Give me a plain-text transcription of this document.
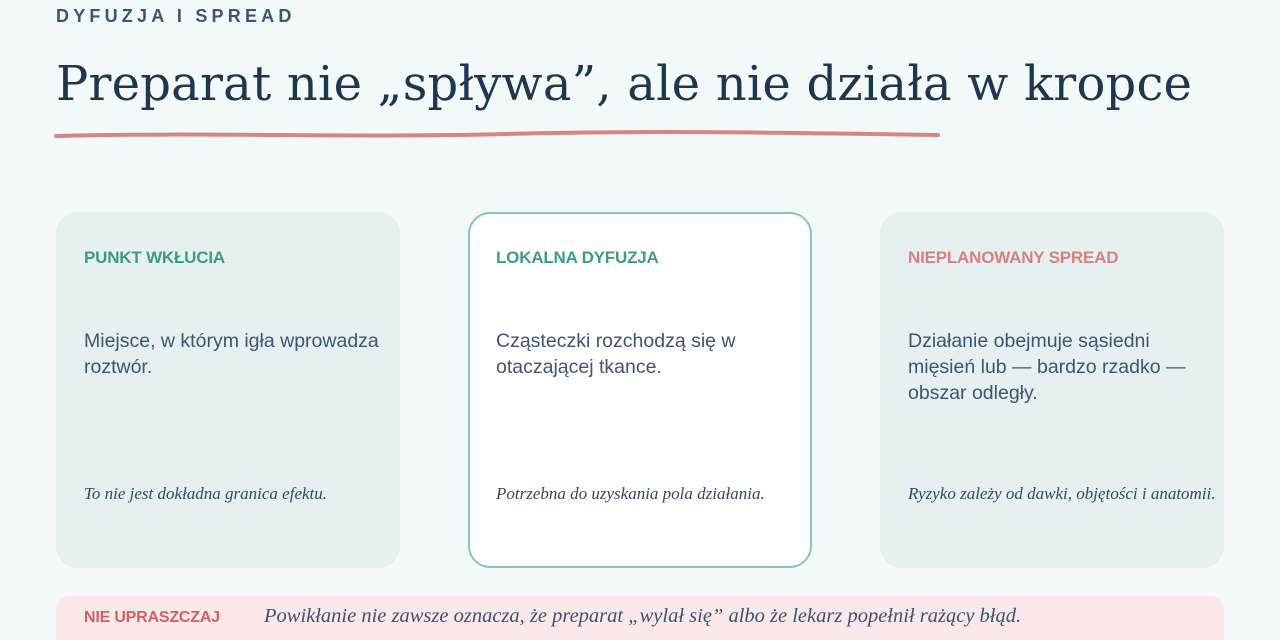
DYFUZJA I SPREAD
Preparat nie „spływa”, ale nie działa w kropce
PUNKT WKŁUCIA
Miejsce, w którym igła wprowadza roztwór.
To nie jest dokładna granica efektu.
LOKALNA DYFUZJA
Cząsteczki rozchodzą się w otaczającej tkance.
Potrzebna do uzyskania pola działania.
NIEPLANOWANY SPREAD
Działanie obejmuje sąsiedni mięsień lub — bardzo rzadko — obszar odległy.
Ryzyko zależy od dawki, objętości i anatomii.
NIE UPRASZCZAJ Powikłanie nie zawsze oznacza, że preparat „wylał się” albo że lekarz popełnił rażący błąd.
